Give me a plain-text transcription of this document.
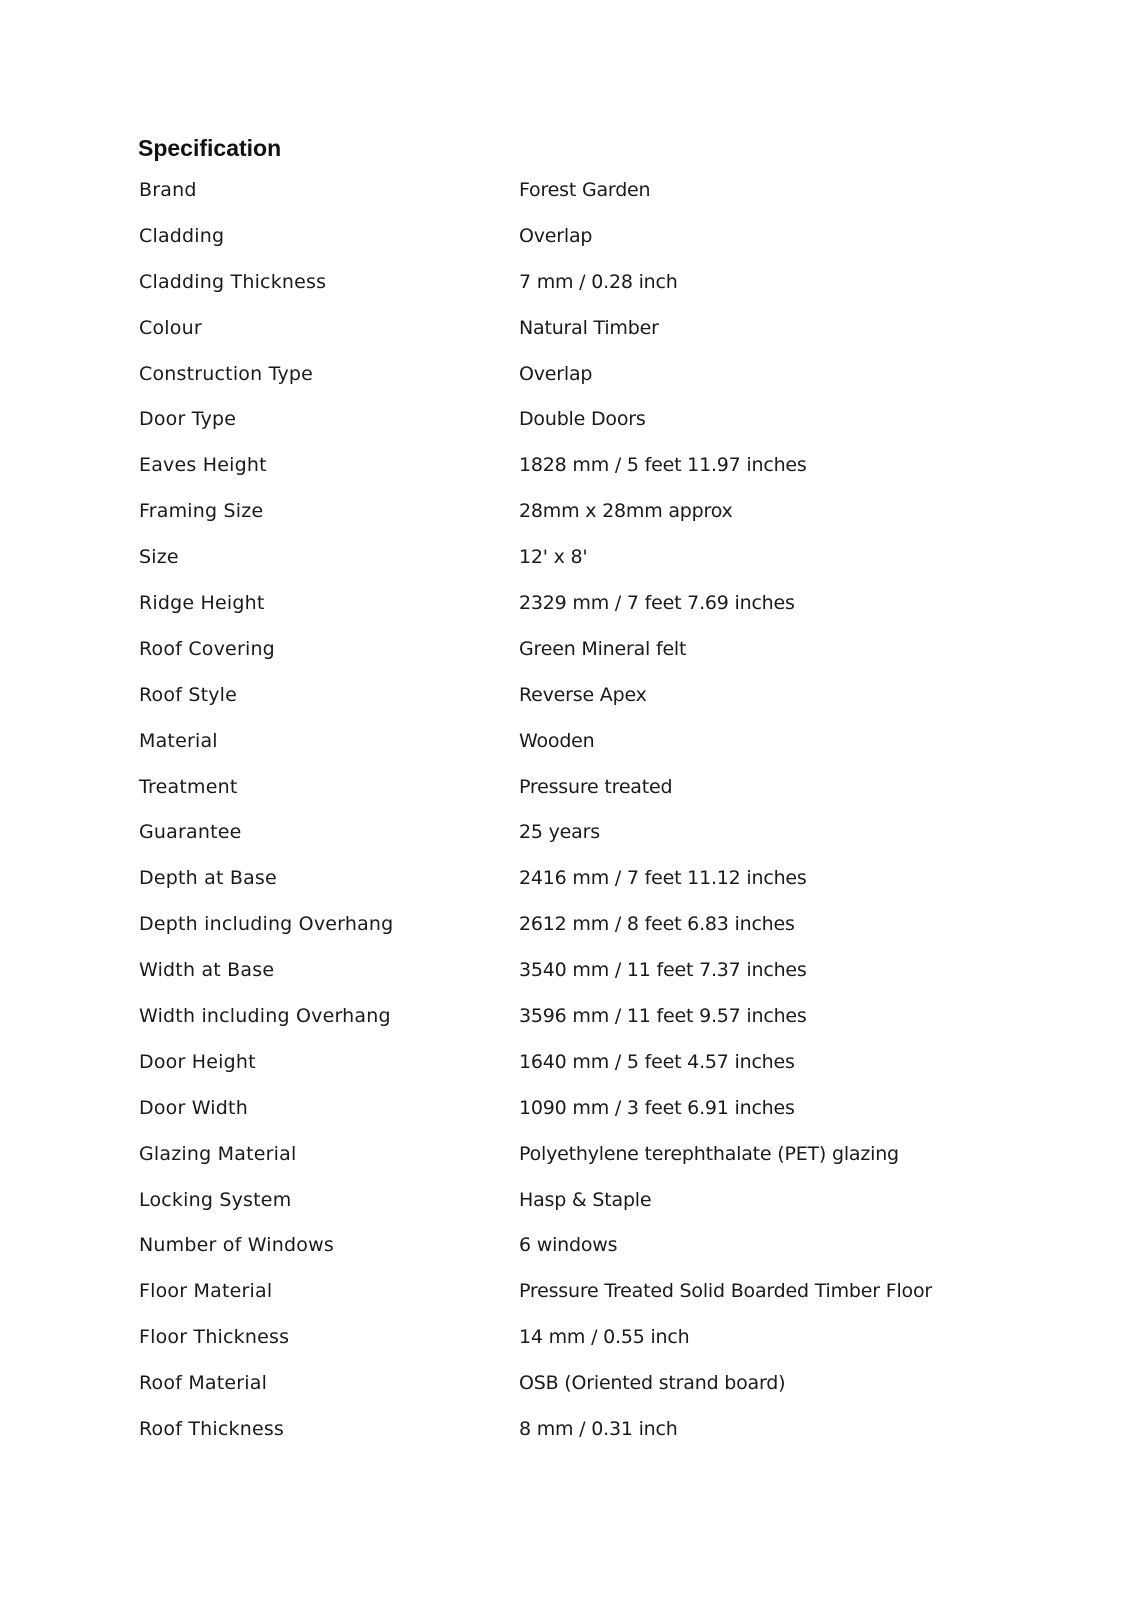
Specification
Brand	Forest Garden
Cladding	Overlap
Cladding Thickness	7 mm / 0.28 inch
Colour	Natural Timber
Construction Type	Overlap
Door Type	Double Doors
Eaves Height	1828 mm / 5 feet 11.97 inches
Framing Size	28mm x 28mm approx
Size	12' x 8'
Ridge Height	2329 mm / 7 feet 7.69 inches
Roof Covering	Green Mineral felt
Roof Style	Reverse Apex
Material	Wooden
Treatment	Pressure treated
Guarantee	25 years
Depth at Base	2416 mm / 7 feet 11.12 inches
Depth including Overhang	2612 mm / 8 feet 6.83 inches
Width at Base	3540 mm / 11 feet 7.37 inches
Width including Overhang	3596 mm / 11 feet 9.57 inches
Door Height	1640 mm / 5 feet 4.57 inches
Door Width	1090 mm / 3 feet 6.91 inches
Glazing Material	Polyethylene terephthalate (PET) glazing
Locking System	Hasp & Staple
Number of Windows	6 windows
Floor Material	Pressure Treated Solid Boarded Timber Floor
Floor Thickness	14 mm / 0.55 inch
Roof Material	OSB (Oriented strand board)
Roof Thickness	8 mm / 0.31 inch
